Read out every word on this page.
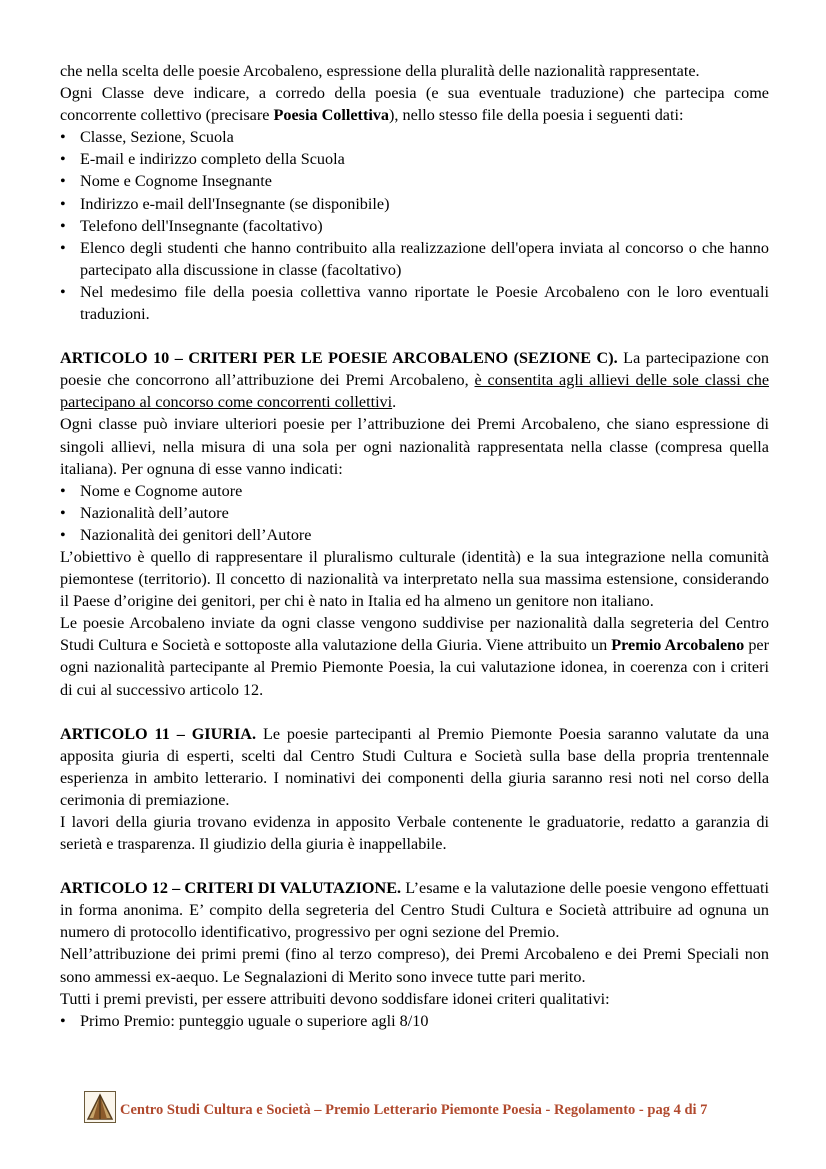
che nella scelta delle poesie Arcobaleno, espressione della pluralità delle nazionalità rappresentate.

Ogni Classe deve indicare, a corredo della poesia (e sua eventuale traduzione) che partecipa come concorrente collettivo (precisare Poesia Collettiva), nello stesso file della poesia i seguenti dati:

• Classe, Sezione, Scuola
• E-mail e indirizzo completo della Scuola
• Nome e Cognome Insegnante
• Indirizzo e-mail dell'Insegnante (se disponibile)
• Telefono dell'Insegnante (facoltativo)
• Elenco degli studenti che hanno contribuito alla realizzazione dell'opera inviata al concorso o che hanno partecipato alla discussione in classe (facoltativo)
• Nel medesimo file della poesia collettiva vanno riportate le Poesie Arcobaleno con le loro eventuali traduzioni.

ARTICOLO 10 – CRITERI PER LE POESIE ARCOBALENO (SEZIONE C). La partecipazione con poesie che concorrono all’attribuzione dei Premi Arcobaleno, è consentita agli allievi delle sole classi che partecipano al concorso come concorrenti collettivi.

Ogni classe può inviare ulteriori poesie per l’attribuzione dei Premi Arcobaleno, che siano espressione di singoli allievi, nella misura di una sola per ogni nazionalità rappresentata nella classe (compresa quella italiana). Per ognuna di esse vanno indicati:

• Nome e Cognome autore
• Nazionalità dell’autore
• Nazionalità dei genitori dell’Autore

L’obiettivo è quello di rappresentare il pluralismo culturale (identità) e la sua integrazione nella comunità piemontese (territorio). Il concetto di nazionalità va interpretato nella sua massima estensione, considerando il Paese d’origine dei genitori, per chi è nato in Italia ed ha almeno un genitore non italiano.

Le poesie Arcobaleno inviate da ogni classe vengono suddivise per nazionalità dalla segreteria del Centro Studi Cultura e Società e sottoposte alla valutazione della Giuria. Viene attribuito un Premio Arcobaleno per ogni nazionalità partecipante al Premio Piemonte Poesia, la cui valutazione idonea, in coerenza con i criteri di cui al successivo articolo 12.

ARTICOLO 11 – GIURIA. Le poesie partecipanti al Premio Piemonte Poesia saranno valutate da una apposita giuria di esperti, scelti dal Centro Studi Cultura e Società sulla base della propria trentennale esperienza in ambito letterario. I nominativi dei componenti della giuria saranno resi noti nel corso della cerimonia di premiazione.

I lavori della giuria trovano evidenza in apposito Verbale contenente le graduatorie, redatto a garanzia di serietà e trasparenza. Il giudizio della giuria è inappellabile.

ARTICOLO 12 – CRITERI DI VALUTAZIONE. L’esame e la valutazione delle poesie vengono effettuati in forma anonima. E’ compito della segreteria del Centro Studi Cultura e Società attribuire ad ognuna un numero di protocollo identificativo, progressivo per ogni sezione del Premio.

Nell’attribuzione dei primi premi (fino al terzo compreso), dei Premi Arcobaleno e dei Premi Speciali non sono ammessi ex-aequo. Le Segnalazioni di Merito sono invece tutte pari merito.

Tutti i premi previsti, per essere attribuiti devono soddisfare idonei criteri qualitativi:

• Primo Premio: punteggio uguale o superiore agli 8/10
Centro Studi Cultura e Società – Premio Letterario Piemonte Poesia - Regolamento - pag 4 di 7
